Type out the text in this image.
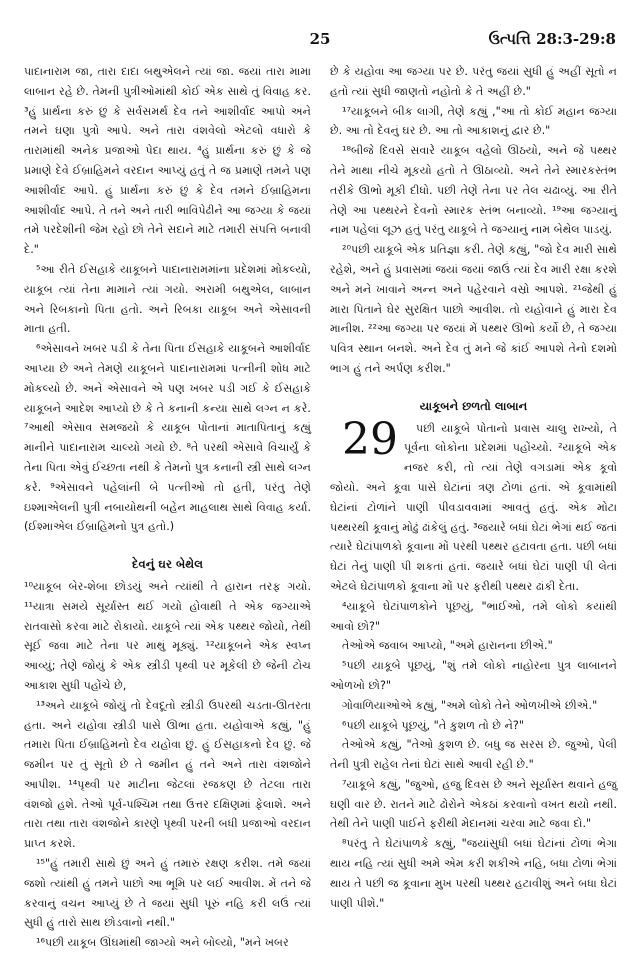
25	ઉત્પત્તિ 28:3-29:8

પાદાનારામ જા, તારા દાદા બથુએલને ત્યાં જા. જયાં તારા મામા લાબાન રહે છે. તેમની પુત્રીઓમાંથી કોઈ એક સાથે તું વિવાહ કર. ³હું પ્રાર્થના કરું છું કે સર્વસમર્થ દેવ તને આશીર્વાદ આપો અને તમને ઘણા પુત્રો આપે. અને તારા વંશવેલો એટલો વધારો કે તારામાંથી અનેક પ્રજાઓ પેદા થાય. ⁴હું પ્રાર્થના કરું છું કે જે પ્રમાણે દેવે ઈબ્રાહિમને વરદાન આપ્યું હતું તે જ પ્રમાણે તમને પણ આશીર્વાદ આપે. હું પ્રાર્થના કરું છું કે દેવ તમને ઈબ્રાહિમના આશીર્વાદ આપે. તે તને અને તારી ભાવિપેઢીને આ જગ્યા કે જયાં તમે પરદેશીની જેમ રહો છો તેને સદાને માટે તમારી સંપત્તિ બનાવી દે."

⁵આ રીતે ઈસહાકે યાકૂબને પાદાનારામમાંના પ્રદેશમાં મોકલ્યો, યાકૂબ ત્યાં તેના મામાને ત્યાં ગયો. અરામી બથુએલ, લાબાન અને રિબકાનો પિતા હતો. અને રિબકા યાકૂબ અને એસાવની માતા હતી.

⁶એસાવને ખબર પડી કે તેના પિતા ઈસહાકે યાકૂબને આશીર્વાદ આપ્યા છે અને તેમણે યાકૂબને પાદાનારામમાં પત્નીની શોધ માટે મોકલ્યો છે. અને એસાવને એ પણ ખબર પડી ગઈ કે ઈસહાકે યાકૂબને આદેશ આપ્યો છે કે તે કનાની કન્યા સાથે લગ્ન ન કરે. ⁷આથી એસાવ સમજયો કે યાકૂબ પોતાનાં માતાપિતાનું કહ્યું માનીને પાદાનારામ ચાલ્યો ગયો છે. ⁸તે પરથી એસાવે વિચાર્યું કે તેના પિતા એવું ઈચ્છતા નથી કે તેમનો પુત્ર કનાની સ્ત્રી સાથે લગ્ન કરે. ⁹એસાવને પહેલાંની બે પત્નીઓ તો હતી, પરંતુ તેણે ઇશ્માએલની પુત્રી નબાયોથની બહેન માહલાથ સાથે વિવાહ કર્યા. (ઈશ્માએલ ઈબ્રાહિમનો પુત્ર હતો.)

દેવનું ઘર બેથેલ

¹⁰યાકૂબ બેર-શેબા છોડયું અને ત્યાંથી તે હારાન તરફ ગયો. ¹¹યાત્રા સમયે સૂર્યાસ્ત થઈ ગયો હોવાથી તે એક જગ્યાએ રાતવાસો કરવા માટે રોકાયો. યાકૂબે ત્યાં એક પથ્થર જોયો, તેથી સૂઈ જવા માટે તેના પર માથું મૂક્યું. ¹²યાકૂબને એક સ્વપ્ન આવ્યું; તેણે જોયું કે એક સ્ત્રીડી પૃથ્વી પર મૂકેલી છે જેની ટોચ આકાશ સુધી પહોંચે છે,

¹³અને યાકૂબે જોયું તો દેવદૂતો સ્ત્રીડી ઉપરથી ચડતા-ઊતરતા હતા. અને યહોવા સ્ત્રીડી પાસે ઊભા હતા. યહોવાએ કહ્યું, "હું તમારા પિતા ઈબ્રાહિમનો દેવ યહોવા છું. હું ઈસહાકનો દેવ છું. જે જમીન પર તું સૂતો છે તે જમીન હું તને અને તારા વંશજોને આપીશ. ¹⁴પૃથ્વી પર માટીના જેટલાં રજકણ છે તેટલા તારા વંશજો હશે. તેઓ પૂર્વ-પશ્ચિમ તથા ઉત્તર દક્ષિણમાં ફેલાશે. અને તારા તથા તારા વંશજોને કારણે પૃથ્વી પરની બધી પ્રજાઓ વરદાન પ્રાપ્ત કરશે.

¹⁵"હું તમારી સાથે છું અને હું તમારું રક્ષણ કરીશ. તમે જયાં જશો ત્યાંથી હું તમને પાછો આ ભૂમિ પર લઈ આવીશ. મેં તને જે કરવાનું વચન આપ્યું છે તે જયાં સુધી પૂરું નહિ કરી લઉં ત્યાં સુધી હું તારો સાથ છોડવાનો નથી."

¹⁶પછી યાકૂબ ઊંઘમાંથી જાગ્યો અને બોલ્યો, "મને ખબર

છે કે યહોવા આ જગ્યા પર છે. પરંતુ જયાં સુધી હું અહીં સૂતો ન હતો ત્યાં સુધી જાણતો નહોતો કે તે અહીં છે."

¹⁷યાકૂબને બીક લાગી, તેણે કહ્યું ,"આ તો કોઈ મહાન જગ્યા છે. આ તો દેવનું ઘર છે. આ તો આકાશનું દ્વાર છે."

¹⁸બીજે દિવસે સવારે યાકૂબ વહેલો ઊઠયો, અને જે પથ્થર તેને માથા નીચે મૂકયો હતો તે ઊઠાવ્યો. અને તેને સ્મારકસ્તંભ તરીકે ઊભો મૂકી દીધો. પછી તેણે તેના પર તેલ ચઢાવ્યું. આ રીતે તેણે આ પથ્થરને દેવનો સ્મારક સ્તંભ બનાવ્યો. ¹⁹આ જગ્યાનું નામ પહેલાં લૂઝ હતું પરંતુ યાકૂબે તે જગ્યાનું નામ બેથેલ પાડયું.

²⁰પછી યાકૂબે એક પ્રતિજ્ઞા કરી. તેણે કહ્યું, "જો દેવ મારી સાથે રહેશે, અને હું પ્રવાસમાં જયાં જયાં જાઉં ત્યાં દેવ મારી રક્ષા કરશે અને મને ખાવાને અન્ન અને પહેરવાને વસ્રો આપશે. ²¹જેથી હું મારા પિતાને ઘેર સુરક્ષિત પાછો આવીશ. તો યહોવાને હું મારા દેવ માનીશ. ²²આ જગ્યા પર જયાં મેં પથ્થર ઊભો કર્યો છે, તે જગ્યા પવિત્ર સ્થાન બનશે. અને દેવ તું મને જે કાંઈ આપશે તેનો દશમો ભાગ હું તને અર્પણ કરીશ."

યાકૂબને છળતો લાબાન

29 પછી યાકૂબે પોતાનો પ્રવાસ ચાલુ રાખ્યો, તે પૂર્વના લોકોના પ્રદેશમાં પહોંચ્યો. ²યાકૂબે એક નજર કરી, તો ત્યાં તેણે વગડામાં એક કૂવો જોયો. અને કૂવા પાસે ઘેટાંનાં ત્રણ ટોળાં હતાં. એ કૂવામાંથી ઘેટાંનાં ટોળાંને પાણી પીવડાવવામાં આવતું હતું. એક મોટા પથ્થરથી કૂવાનું મોઢું ઢાંકેલું હતું. ³જયારે બધાં ઘેટાં ભેગાં થઈ જતાં ત્યારે ઘેટાંપાળકો કૂવાના મોં પરથી પથ્થર હટાવતા હતા. પછી બધાં ઘેટાં તેનું પાણી પી શકતાં હતાં. જયારે બધાં ઘેટાં પાણી પી લેતાં એટલે ઘેટાંપાળકો કૂવાના મોં પર ફરીથી પથ્થર ઢાંકી દેતા.

⁴યાકૂબે ઘેટાંપાળકોને પૂછયું, "ભાઈઓ, તમે લોકો કયાંથી આવો છો?"

તેઓએ જવાબ આપ્યો, "અમે હારાનના છીએ."

⁵પછી યાકૂબે પૂછયું, "શું તમે લોકો નાહોરના પુત્ર લાબાનને ઓળખો છો?"

ગોવાળિયાઓએ કહ્યું, "અમે લોકો તેને ઓળખીએ છીએ."

⁶પછી યાકૂબે પૂછયું, "તે કુશળ તો છે ને?"

તેઓએ કહ્યું, "તેઓ કુશળ છે. બધુ જ સરસ છે. જુઓ, પેલી તેની પુત્રી રાહેલ તેનાં ઘેટાં સાથે આવી રહી છે."

⁷યાકૂબે કહ્યું, "જુઓ, હજુ દિવસ છે અને સૂર્યાસ્ત થવાને હજુ ઘણી વાર છે. રાતને માટે ઢોરોને એકઠાં કરવાનો વખત થયો નથી. તેથી તેને પાણી પાઈને ફરીથી મેદાનમાં ચરવા માટે જવા દો."

⁸પરંતુ તે ઘેટાંપાળકે કહ્યું, "જયાંસુધી બધાં ઘેટાંનાં ટોળાં ભેગા થાય નહિ ત્યાં સુધી અમે એમ કરી શકીએ નહિ, બધા ટોળાં ભેગાં થાય તે પછી જ કૂવાના મુખ પરથી પથ્થર હટાવીશું અને બધા ઘેટાં પાણી પીશે."
